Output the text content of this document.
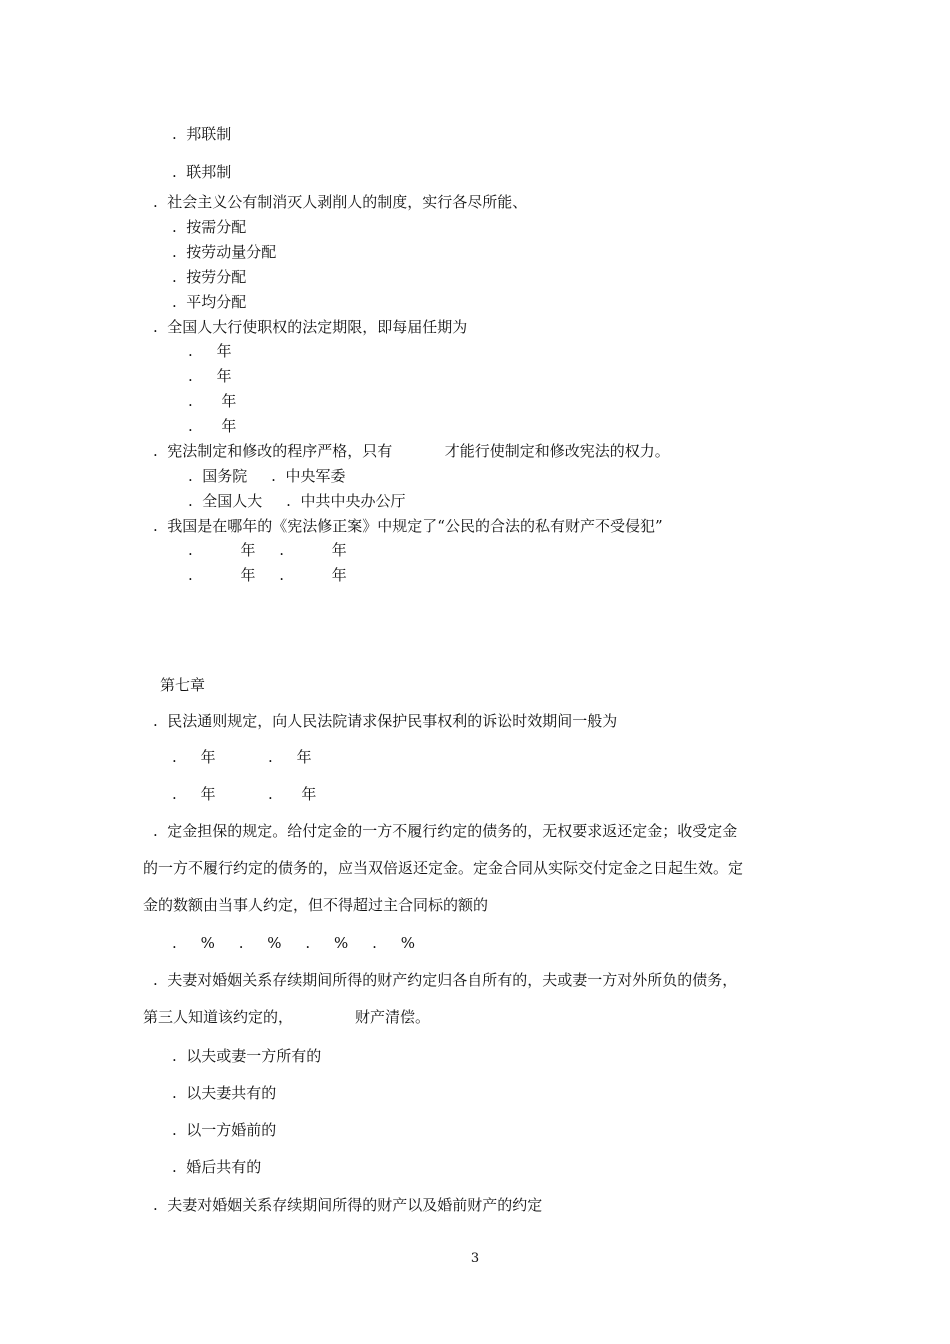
.  邦联制
.  联邦制
.  社会主义公有制消灭人剥削人的制度，实行各尽所能、
.  按需分配
.  按劳动量分配
.  按劳分配
.  平均分配
.  全国人大行使职权的法定期限，即每届任期为
.     年
.     年
.      年
.      年
.  宪法制定和修改的程序严格，只有           才能行使制定和修改宪法的权力。
.  国务院     .  中央军委
.  全国人大     .  中共中央办公厅
.  我国是在哪年的《宪法修正案》中规定了“公民的合法的私有财产不受侵犯”
.          年     .          年
.          年     .          年
第七章
.  民法通则规定，向人民法院请求保护民事权利的诉讼时效期间一般为
.     年           .     年
.     年           .      年
.  定金担保的规定。给付定金的一方不履行约定的债务的，无权要求返还定金；收受定金
的一方不履行约定的债务的，应当双倍返还定金。定金合同从实际交付定金之日起生效。定
金的数额由当事人约定，但不得超过主合同标的额的
.     %     .     %     .     %     .     %
.  夫妻对婚姻关系存续期间所得的财产约定归各自所有的，夫或妻一方对外所负的债务，
第三人知道该约定的，             财产清偿。
.  以夫或妻一方所有的
.  以夫妻共有的
.  以一方婚前的
.  婚后共有的
.  夫妻对婚姻关系存续期间所得的财产以及婚前财产的约定
3
